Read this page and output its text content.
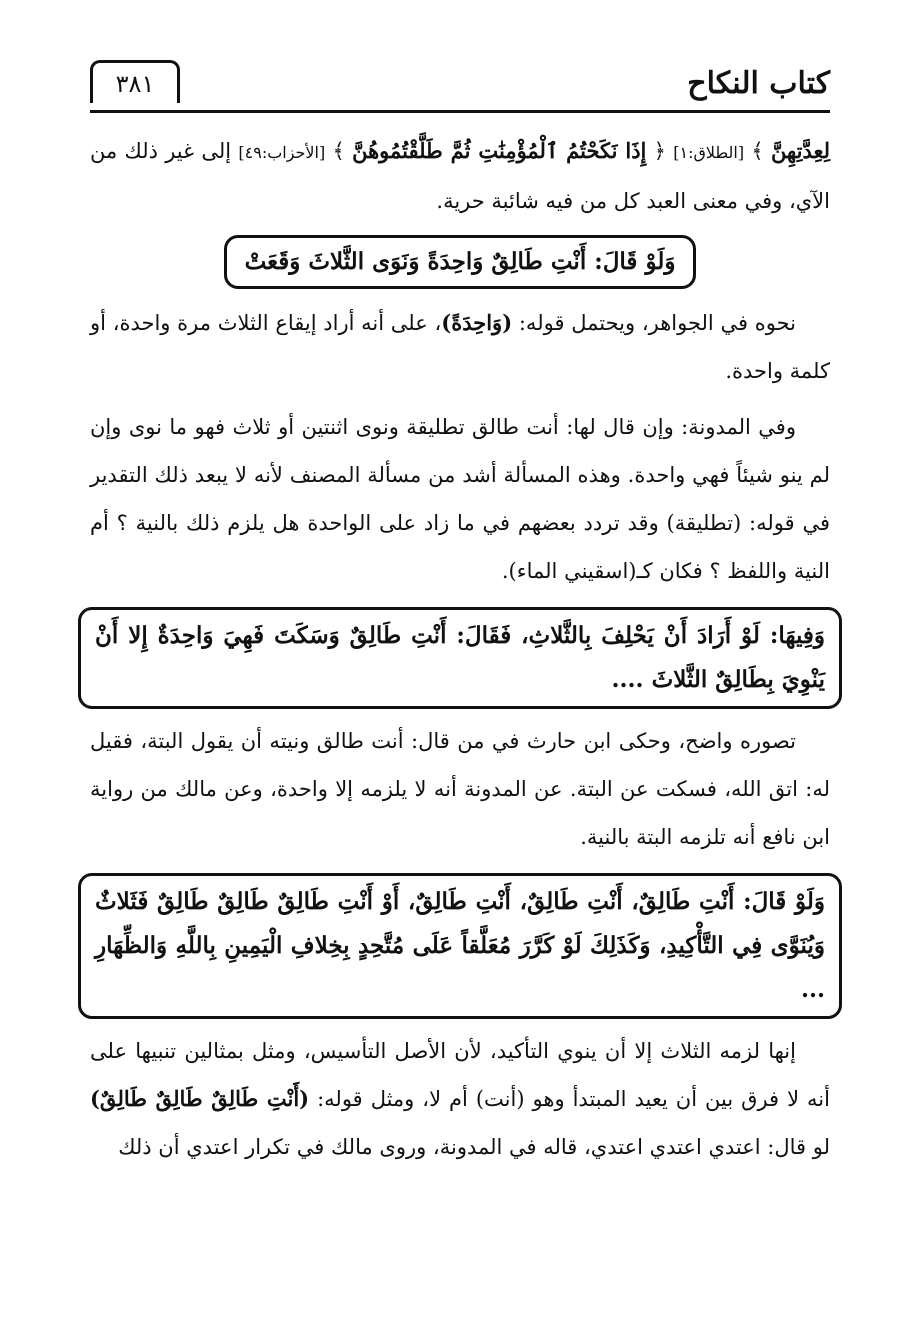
كتاب النكاح
٣٨١

لِعِدَّتِهِنَّ ﴾ [الطلاق:١] ﴿ إِذَا نَكَحْتُمُ ٱلْمُؤْمِنَٰتِ ثُمَّ طَلَّقْتُمُوهُنَّ ﴾ [الأحزاب:٤٩] إلى غير ذلك من الآي، وفي معنى العبد كل من فيه شائبة حرية.

وَلَوْ قَالَ: أَنْتِ طَالِقٌ وَاحِدَةً وَنَوَى الثَّلاثَ وَقَعَتْ

نحوه في الجواهر، ويحتمل قوله: (وَاحِدَةً)، على أنه أراد إيقاع الثلاث مرة واحدة، أو كلمة واحدة.

وفي المدونة: وإن قال لها: أنت طالق تطليقة ونوى اثنتين أو ثلاث فهو ما نوى وإن لم ينو شيئاً فهي واحدة. وهذه المسألة أشد من مسألة المصنف لأنه لا يبعد ذلك التقدير في قوله: (تطليقة) وقد تردد بعضهم في ما زاد على الواحدة هل يلزم ذلك بالنية ؟ أم النية واللفظ ؟ فكان كـ(اسقيني الماء).

وَفِيهَا: لَوْ أَرَادَ أَنْ يَحْلِفَ بِالثَّلاثِ، فَقَالَ: أَنْتِ طَالِقٌ وَسَكَتَ فَهِيَ وَاحِدَةٌ إِلا أَنْ يَنْوِيَ بِطَالِقٌ الثَّلاثَ ....

تصوره واضح، وحكى ابن حارث في من قال: أنت طالق ونيته أن يقول البتة، فقيل له: اتق الله، فسكت عن البتة. عن المدونة أنه لا يلزمه إلا واحدة، وعن مالك من رواية ابن نافع أنه تلزمه البتة بالنية.

وَلَوْ قَالَ: أَنْتِ طَالِقٌ، أَنْتِ طَالِقٌ، أَنْتِ طَالِقٌ، أَوْ أَنْتِ طَالِقٌ طَالِقٌ طَالِقٌ فَثَلاثٌ وَيُنَوَّى فِي التَّأْكِيدِ، وَكَذَلِكَ لَوْ كَرَّرَ مُعَلَّقاً عَلَى مُتَّحِدٍ بِخِلافِ الْيَمِينِ بِاللَّهِ وَالظِّهَارِ ...

إنها لزمه الثلاث إلا أن ينوي التأكيد، لأن الأصل التأسيس، ومثل بمثالين تنبيها على أنه لا فرق بين أن يعيد المبتدأ وهو (أنت) أم لا، ومثل قوله: (أَنْتِ طَالِقٌ طَالِقٌ طَالِقٌ) لو قال: اعتدي اعتدي اعتدي، قاله في المدونة، وروى مالك في تكرار اعتدي أن ذلك
